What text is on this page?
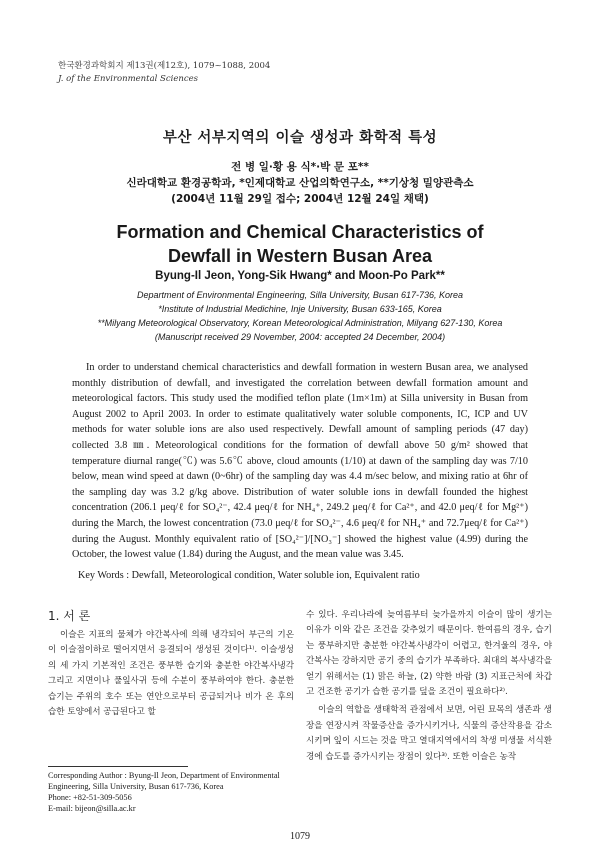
한국환경과학회지 제13권(제12호), 1079~1088, 2004
J. of the Environmental Sciences
부산 서부지역의 이슬 생성과 화학적 특성
전 병 일·황 용 식*·박 문 포**
신라대학교 환경공학과, *인제대학교 산업의학연구소, **기상청 밀양관측소
(2004년 11월 29일 접수; 2004년 12월 24일 채택)
Formation and Chemical Characteristics of
Dewfall in Western Busan Area
Byung-Il Jeon, Yong-Sik Hwang* and Moon-Po Park**
Department of Environmental Engineering, Silla University, Busan 617-736, Korea
*Institute of Industrial Medichine, Inje University, Busan 633-165, Korea
**Milyang Meteorological Observatory, Korean Meteorological Administration, Milyang 627-130, Korea
(Manuscript received 29 November, 2004: accepted 24 December, 2004)
In order to understand chemical characteristics and dewfall formation in western Busan area, we analysed monthly distribution of dewfall, and investigated the correlation between dewfall formation amount and meteorological factors. This study used the modified teflon plate (1m×1m) at Silla university in Busan from August 2002 to April 2003. In order to estimate qualitatively water soluble components, IC, ICP and UV methods for water soluble ions are also used respectively. Dewfall amount of sampling periods (47 day) collected 3.8 ㎜. Meteorological conditions for the formation of dewfall above 50 g/m² showed that temperature diurnal range(℃) was 5.6℃ above, cloud amounts (1/10) at dawn of the sampling day was 7/10 below, mean wind speed at dawn (0~6hr) of the sampling day was 4.4 m/sec below, and mixing ratio at 6hr of the sampling day was 3.2 g/kg above. Distribution of water soluble ions in dewfall founded the highest concentration (206.1 μeq/ℓ for SO₄²⁻, 42.4 μeq/ℓ for NH₄⁺, 249.2 μeq/ℓ for Ca²⁺, and 42.0 μeq/ℓ for Mg²⁺) during the March, the lowest concentration (73.0 μeq/ℓ for SO₄²⁻, 4.6 μeq/ℓ for NH₄⁺ and 72.7μeq/ℓ for Ca²⁺) during the August. Monthly equivalent ratio of [SO₄²⁻]/[NO₃⁻] showed the highest value (4.99) during the October, the lowest value (1.84) during the August, and the mean value was 3.45.
Key Words : Dewfall, Meteorological condition, Water soluble ion, Equivalent ratio
1. 서 론

이슬은 지표의 물체가 야간복사에 의해 냉각되어 부근의 기온이 이슬점이하로 떨어지면서 응결되어 생성된 것이다¹⁾. 이슬생성의 세 가지 기본적인 조건은 풍부한 습기와 충분한 야간복사냉각 그리고 지면이나 풀잎사귀 등에 수분이 풍부하여야 한다. 충분한 습기는 주위의 호수 또는 연안으로부터 공급되거나 비가 온 후의 습한 토양에서 공급된다고 할

수 있다. 우리나라에 늦여름부터 늦가을까지 이슬이 많이 생기는 이유가 이와 같은 조건을 갖추었기 때문이다. 한여름의 경우, 습기는 풍부하지만 충분한 야간복사냉각이 어렵고, 한겨울의 경우, 야간복사는 강하지만 공기 중의 습기가 부족하다. 최대의 복사냉각을 얻기 위해서는 (1) 맑은 하늘, (2) 약한 바람 (3) 지표근처에 차갑고 건조한 공기가 습한 공기를 덮을 조건이 필요하다²⁾.

이슬의 역할을 생태학적 관점에서 보면, 어린 묘목의 생존과 생장을 연장시켜 작물증산을 증가시키거나, 식물의 증산작용을 감소시키며 잎이 시드는 것을 막고 열대지역에서의 착생 미생물 서식환경에 습도를 증가시키는 장점이 있다³⁾. 또한 이슬은 농작

Corresponding Author : Byung-Il Jeon, Department of Environmental Engineering, Silla University, Busan 617-736, Korea
Phone: +82-51-309-5056
E-mail: bijeon@silla.ac.kr
1079
